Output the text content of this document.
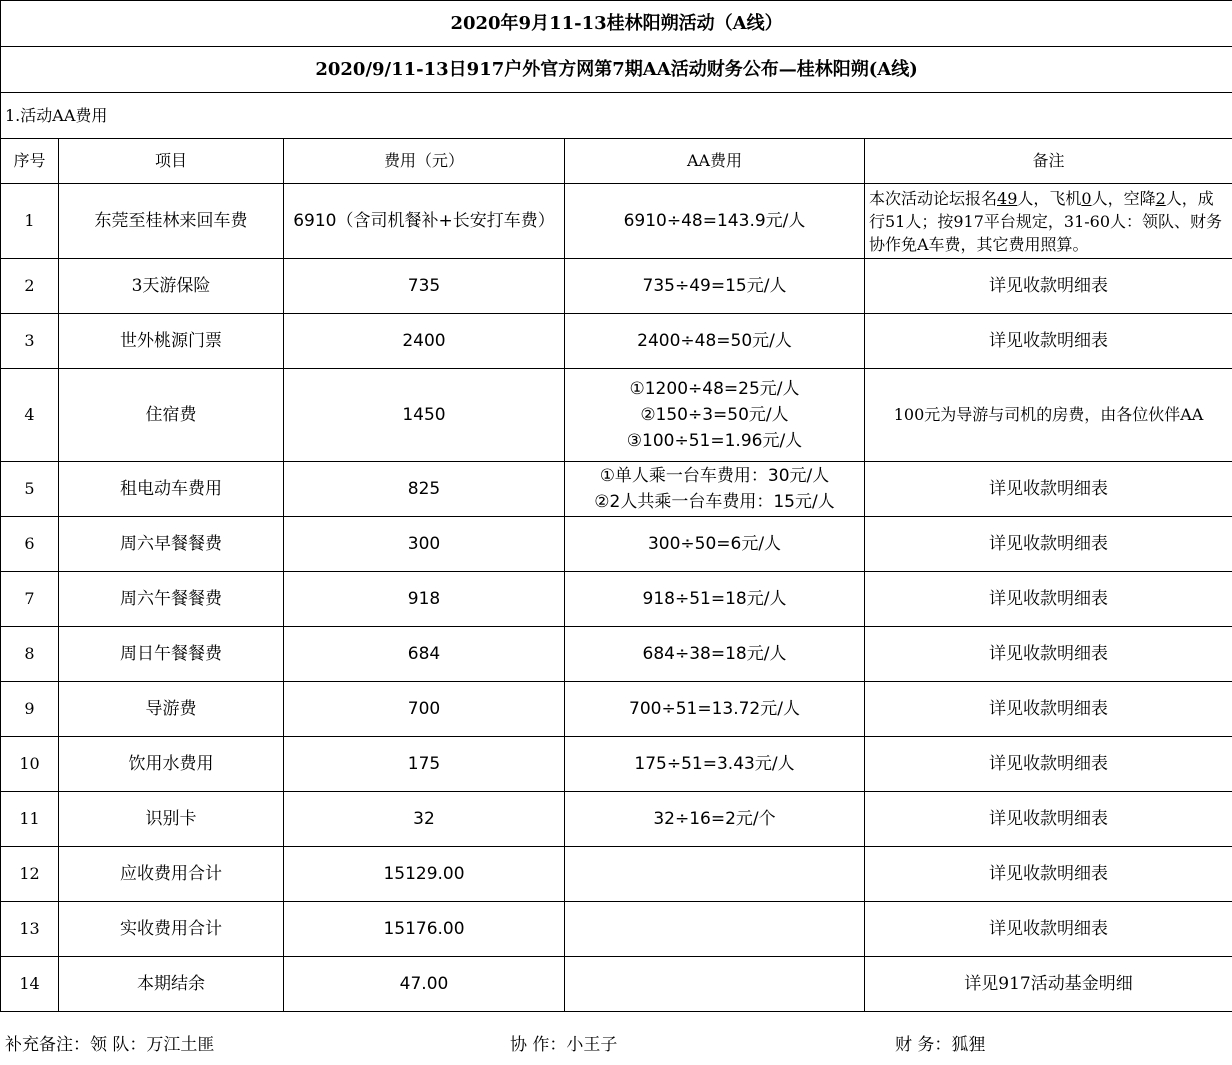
2020年9月11-13桂林阳朔活动（A线）				
2020/9/11-13日917户外官方网第7期AA活动财务公布—桂林阳朔(A线)				
1.活动AA费用				
序号	项目	费用（元）	AA费用	备注
1	东莞至桂林来回车费	6910（含司机餐补+长安打车费）	6910÷48=143.9元/人	本次活动论坛报名49人，飞机0人，空降2人，成行51人；按917平台规定，31-60人：领队、财务协作免A车费，其它费用照算。
2	3天游保险	735	735÷49=15元/人	详见收款明细表
3	世外桃源门票	2400	2400÷48=50元/人	详见收款明细表
4	住宿费	1450	①1200÷48=25元/人
②150÷3=50元/人
③100÷51=1.96元/人	100元为导游与司机的房费，由各位伙伴AA
5	租电动车费用	825	①单人乘一台车费用：30元/人
②2人共乘一台车费用：15元/人	详见收款明细表
6	周六早餐餐费	300	300÷50=6元/人	详见收款明细表
7	周六午餐餐费	918	918÷51=18元/人	详见收款明细表
8	周日午餐餐费	684	684÷38=18元/人	详见收款明细表
9	导游费	700	700÷51=13.72元/人	详见收款明细表
10	饮用水费用	175	175÷51=3.43元/人	详见收款明细表
11	识别卡	32	32÷16=2元/个	详见收款明细表
12	应收费用合计	15129.00		详见收款明细表
13	实收费用合计	15176.00		详见收款明细表
14	本期结余	47.00		详见917活动基金明细
补充备注：领 队：万江土匪	协 作：小王子	财 务：狐狸
